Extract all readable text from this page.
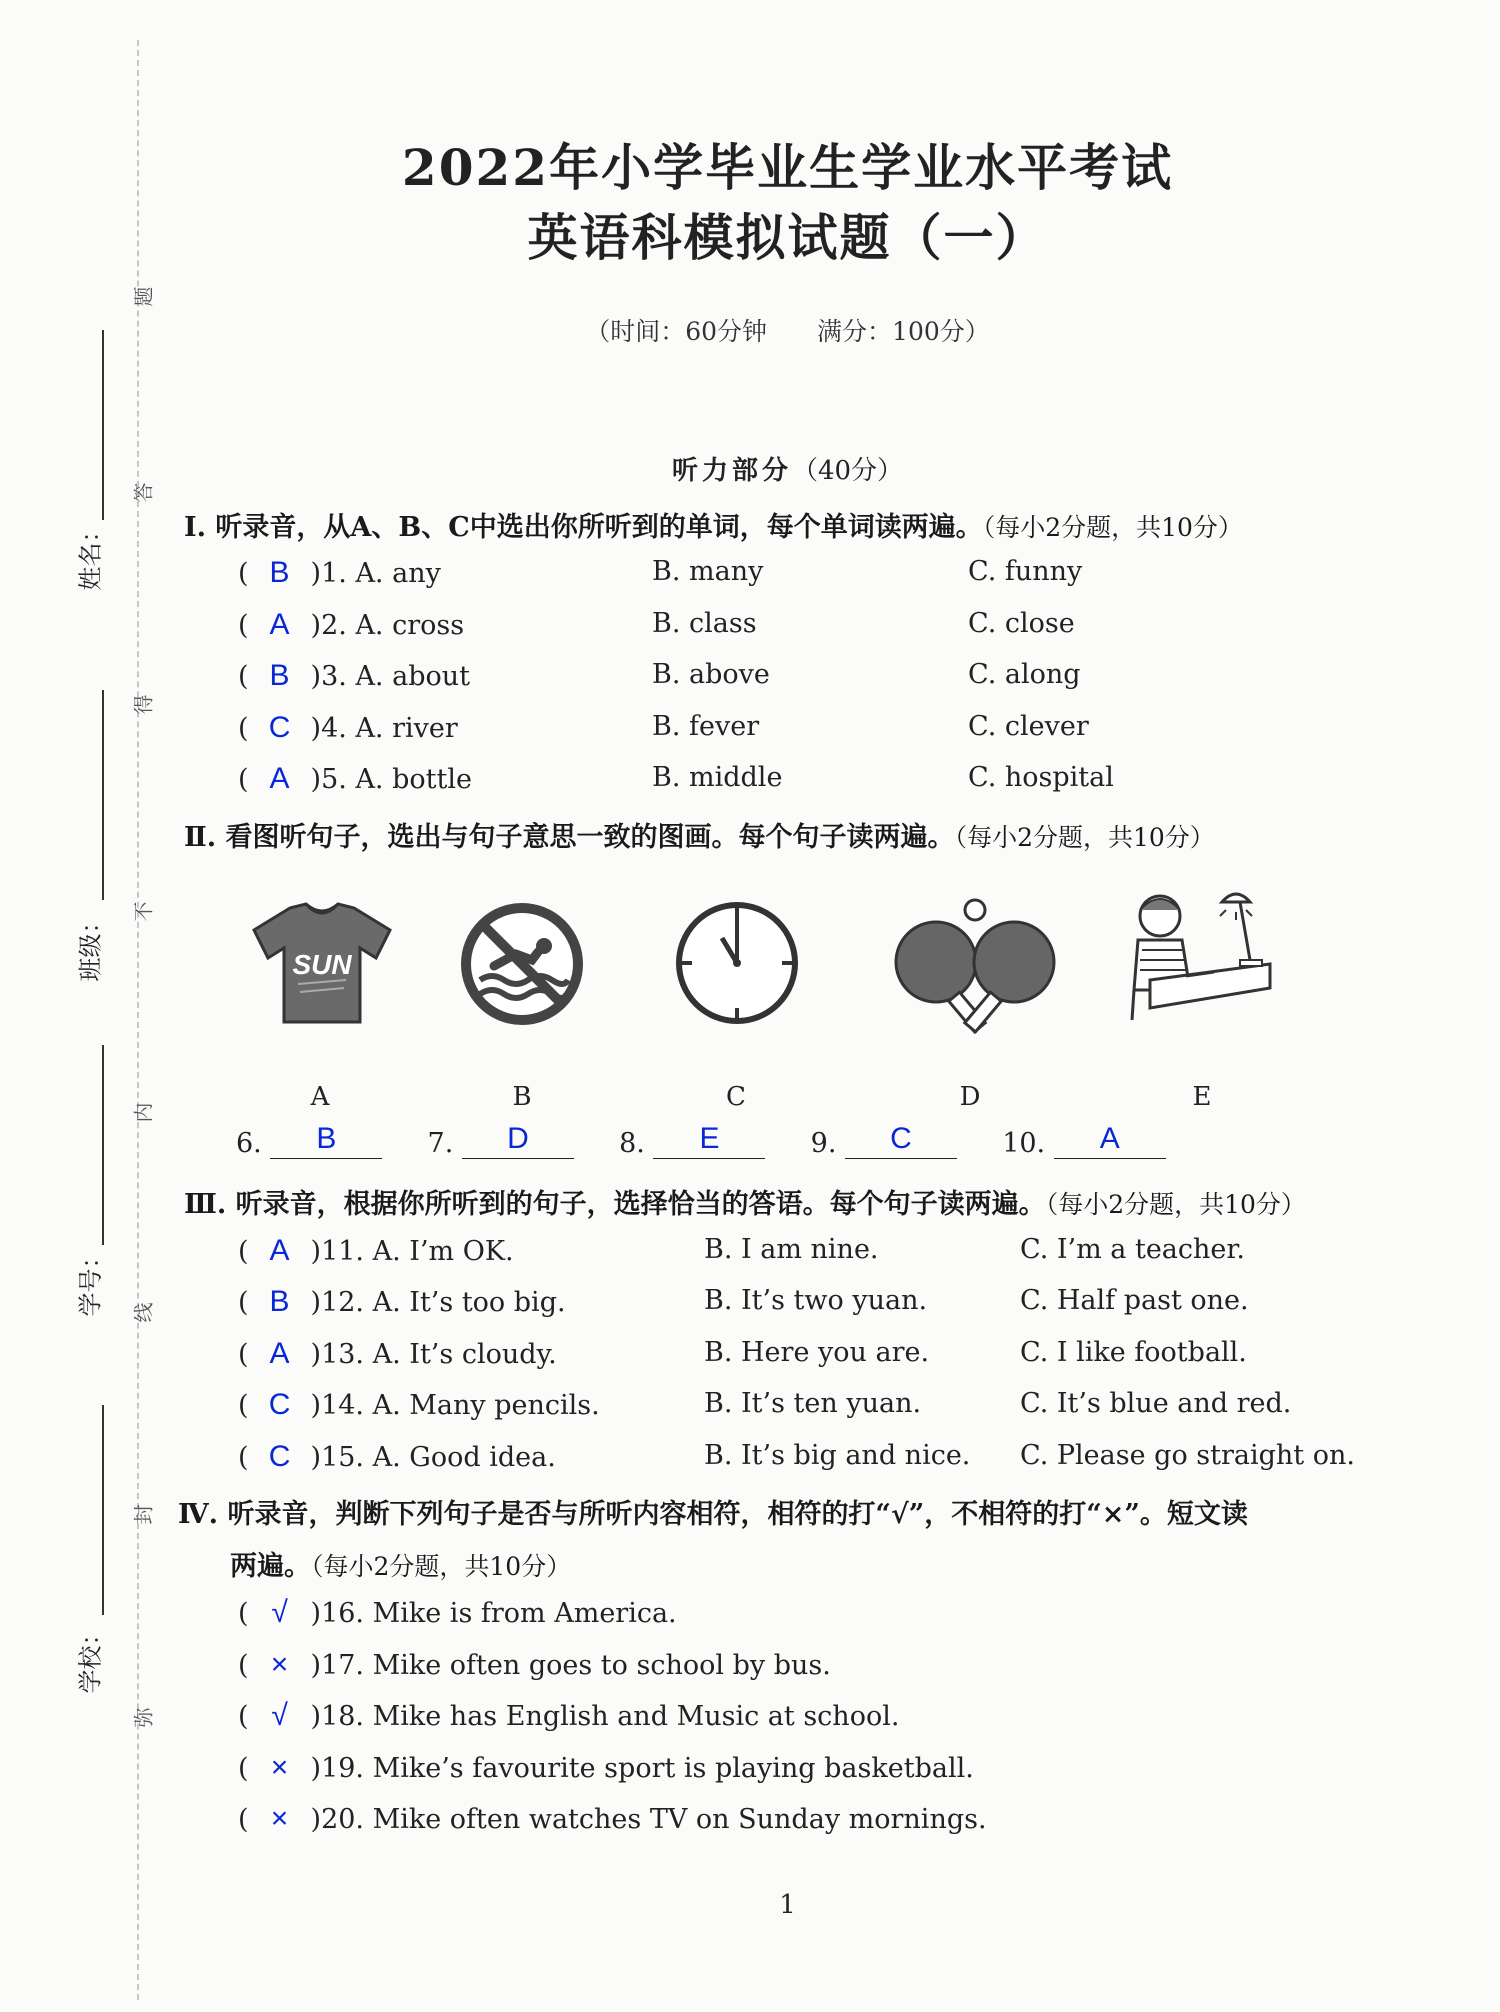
题
答
得
不
内
线
封
弥
姓名：
班级：
学号：
学校：
2022年小学毕业生学业水平考试
英语科模拟试题（一）
（时间：60分钟　　满分：100分）
听力部分（40分）
Ⅰ. 听录音，从A、B、C中选出你所听到的单词，每个单词读两遍。（每小2分题，共10分）
( B )1. A. any	B. many	C. funny
( A )2. A. cross	B. class	C. close
( B )3. A. about	B. above	C. along
( C )4. A. river	B. fever	C. clever
( A )5. A. bottle	B. middle	C. hospital
Ⅱ. 看图听句子，选出与句子意思一致的图画。每个句子读两遍。（每小2分题，共10分）
SUN
A	B	C	D	E
6. B	7. D	8. E	9. C	10. A
Ⅲ. 听录音，根据你所听到的句子，选择恰当的答语。每个句子读两遍。（每小2分题，共10分）
( A )11. A. I’m OK.	B. I am nine.	C. I’m a teacher.
( B )12. A. It’s too big.	B. It’s two yuan.	C. Half past one.
( A )13. A. It’s cloudy.	B. Here you are.	C. I like football.
( C )14. A. Many pencils.	B. It’s ten yuan.	C. It’s blue and red.
( C )15. A. Good idea.	B. It’s big and nice. C. Please go straight on.
Ⅳ. 听录音，判断下列句子是否与所听内容相符，相符的打“√”，不相符的打“×”。短文读
两遍。（每小2分题，共10分）
( √ )16. Mike is from America.
( × )17. Mike often goes to school by bus.
( √ )18. Mike has English and Music at school.
( × )19. Mike’s favourite sport is playing basketball.
( × )20. Mike often watches TV on Sunday mornings.
1
